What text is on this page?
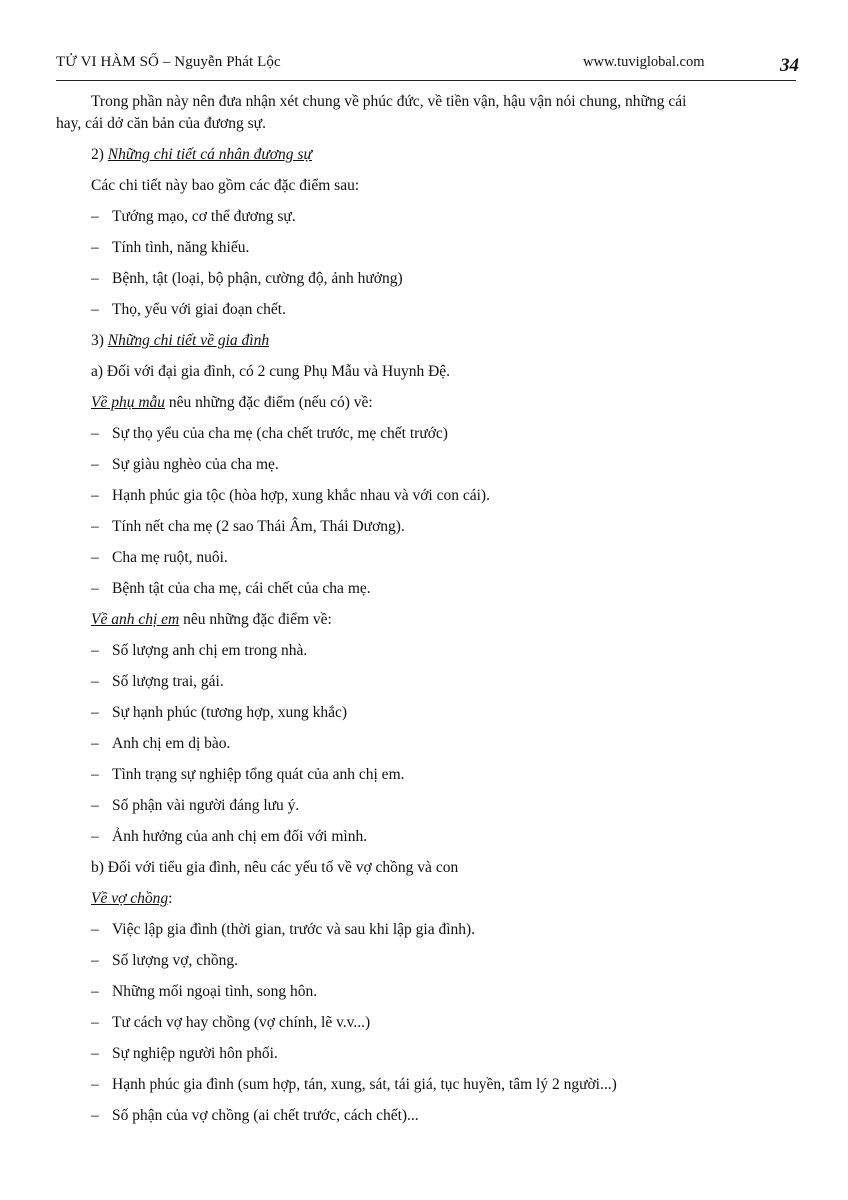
TỬ VI HÀM SỐ – Nguyễn Phát Lộc	www.tuviglobal.com	34
Trong phần này nên đưa nhận xét chung về phúc đức, về tiền vận, hậu vận nói chung, những cái
hay, cái dở căn bản của đương sự.
2) Những chi tiết cá nhân đương sự
Các chi tiết này bao gồm các đặc điểm sau:
– Tướng mạo, cơ thể đương sự.
– Tính tình, năng khiếu.
– Bệnh, tật (loại, bộ phận, cường độ, ảnh hưởng)
– Thọ, yểu với giai đoạn chết.
3) Những chi tiết về gia đình
a) Đối với đại gia đình, có 2 cung Phụ Mẫu và Huynh Đệ.
Về phụ mẫu nêu những đặc điểm (nếu có) về:
– Sự thọ yểu của cha mẹ (cha chết trước, mẹ chết trước)
– Sự giàu nghèo của cha mẹ.
– Hạnh phúc gia tộc (hòa hợp, xung khắc nhau và với con cái).
– Tính nết cha mẹ (2 sao Thái Âm, Thái Dương).
– Cha mẹ ruột, nuôi.
– Bệnh tật của cha mẹ, cái chết của cha mẹ.
Về anh chị em nêu những đặc điểm về:
– Số lượng anh chị em trong nhà.
– Số lượng trai, gái.
– Sự hạnh phúc (tương hợp, xung khắc)
– Anh chị em dị bào.
– Tình trạng sự nghiệp tổng quát của anh chị em.
– Số phận vài người đáng lưu ý.
– Ảnh hưởng của anh chị em đối với mình.
b) Đối với tiểu gia đình, nêu các yếu tố về vợ chồng và con
Về vợ chồng:
– Việc lập gia đình (thời gian, trước và sau khi lập gia đình).
– Số lượng vợ, chồng.
– Những mối ngoại tình, song hôn.
– Tư cách vợ hay chồng (vợ chính, lẽ v.v...)
– Sự nghiệp người hôn phối.
– Hạnh phúc gia đình (sum hợp, tán, xung, sát, tái giá, tục huyền, tâm lý 2 người...)
– Số phận của vợ chồng (ai chết trước, cách chết)...
